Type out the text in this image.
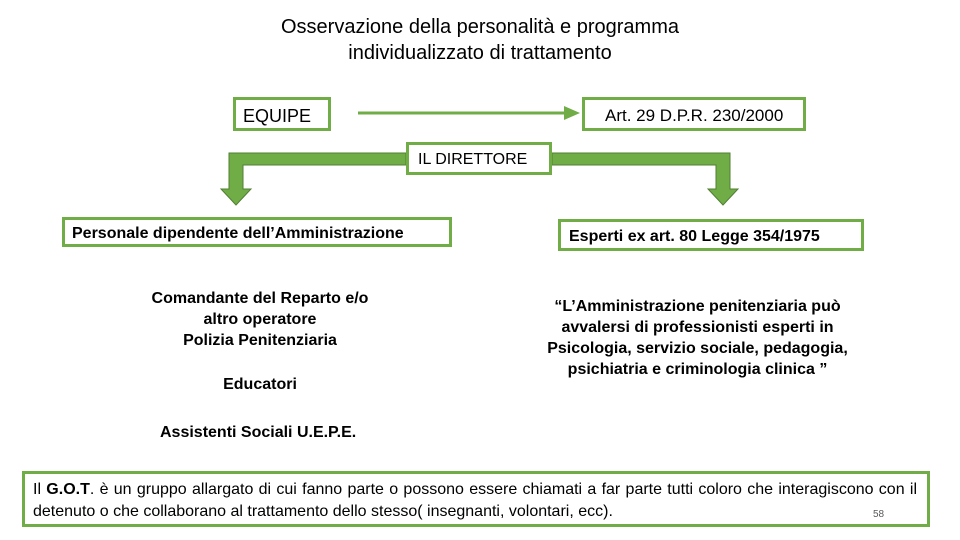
Osservazione della personalità e programma
individualizzato di trattamento
EQUIPE	Art. 29 D.P.R. 230/2000
IL DIRETTORE
Personale dipendente dell’Amministrazione	Esperti ex art. 80 Legge 354/1975
Comandante del Reparto e/o
altro operatore
Polizia Penitenziaria
Educatori
Assistenti Sociali U.E.P.E.
“L’Amministrazione penitenziaria può
avvalersi di professionisti esperti in
Psicologia, servizio sociale, pedagogia,
psichiatria e criminologia clinica ”
Il G.O.T. è un gruppo allargato di cui fanno parte o possono essere chiamati a far parte tutti coloro che interagiscono con il detenuto o che collaborano al trattamento dello stesso( insegnanti, volontari, ecc).	58
